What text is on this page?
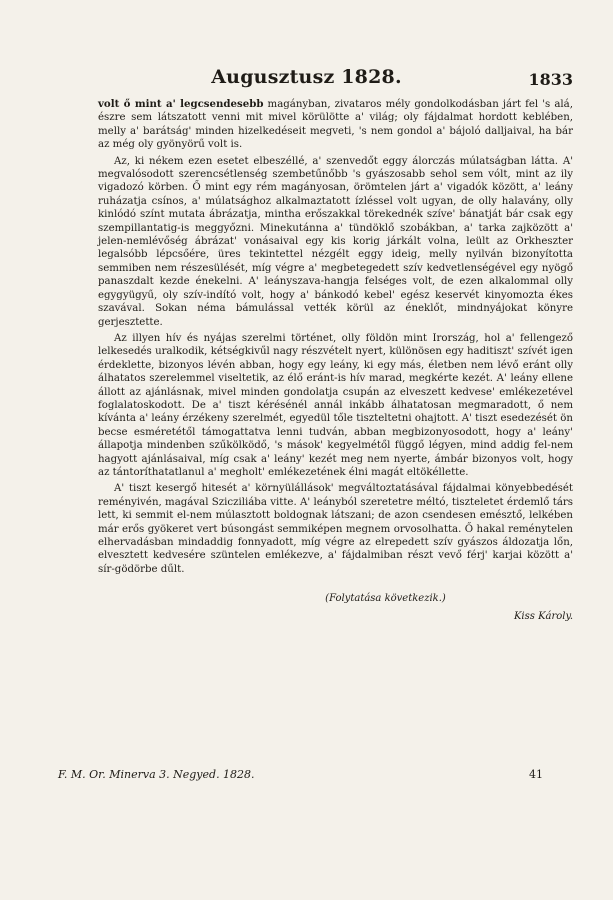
Augusztusz 1828.	1833

volt ő mint a' legcsendesebb magányban, zivataros mély gondolkodásban járt fel 's alá, észre sem látszatott venni mit mivel körülötte a' világ; oly fájdalmat hordott keblében, melly a' barátság' minden hizelkedéseit megveti, 's nem gondol a' bájoló dalljaival, ha bár az még oly gyönyörű volt is.

Az, ki nékem ezen esetet elbeszéllé, a' szenvedőt eggy álorczás múlatságban látta. A' megvalósodott szerencsétlenség szembetűnőbb 's gyászosabb sehol sem vólt, mint az ily vigadozó körben. Ő mint egy rém magányosan, örömtelen járt a' vigadók között, a' leány ruházatja csínos, a' múlatsághoz alkalmaztatott ízléssel volt ugyan, de olly halavány, olly kinlódó színt mutata ábrázatja, mintha erőszakkal törekednék szíve' bánatját bár csak egy szempillantatig-is meggyőzni. Minekutánna a' tündöklő szobákban, a' tarka zajközött a' jelen-nemlévőség ábrázat' vonásaival egy kis korig járkált volna, leült az Orkheszter legalsóbb lépcsőére, üres tekintettel nézgélt eggy ideig, melly nyilván bizonyította semmiben nem részesülését, míg végre a' megbetegedett szív kedvetlenségével egy nyögő panaszdalt kezde énekelni. A' leányszava-hangja felséges volt, de ezen alkalommal olly egygyügyű, oly szív-indító volt, hogy a' bánkodó kebel' egész keservét kinyomozta ékes szavával. Sokan néma bámulással vették körül az éneklőt, mindnyájokat könyre gerjesztette.

Az illyen hív és nyájas szerelmi történet, olly földön mint Irország, hol a' fellengező lelkesedés uralkodik, kétségkivűl nagy részvételt nyert, különösen egy haditiszt' szívét igen érdeklette, bizonyos lévén abban, hogy egy leány, ki egy más, életben nem lévő eránt olly álhatatos szerelemmel viseltetik, az élő eránt-is hív marad, megkérte kezét. A' leány ellene állott az ajánlásnak, mivel minden gondolatja csupán az elveszett kedvese' emlékezetével foglalatoskodott. De a' tiszt kérésénél annál inkább álhatatosan megmaradott, ő nem kívánta a' leány érzékeny szerelmét, egyedül tőle tiszteltetni ohajtott. A' tiszt esedezését ön becse esméretétől támogattatva lenni tudván, abban megbizonyosodott, hogy a' leány' állapotja mindenben szűkölködő, 's mások' kegyelmétől függő légyen, mind addig fel-nem hagyott ajánlásaival, míg csak a' leány' kezét meg nem nyerte, ámbár bizonyos volt, hogy az tántoríthatatlanul a' megholt' emlékezetének élni magát eltökéllette.

A' tiszt kesergő hitesét a' környülállások' megváltoztatásával fájdalmai könyebbedését reményivén, magával Szicziliába vitte. A' leányból szeretetre méltó, tiszteletet érdemlő társ lett, ki semmit el-nem múlasztott boldognak látszani; de azon csendesen emésztő, lelkében már erős gyökeret vert búsongást semmiképen megnem orvosolhatta. Ő hakal reménytelen elhervadásban mindaddig fonnyadott, míg végre az elrepedett szív gyászos áldozatja lőn, elvesztett kedvesére szüntelen emlékezve, a' fájdalmiban részt vevő férj' karjai között a' sír-gödörbe dűlt.

(Folytatása következik.)
Kiss Károly.
F. M. Or. Minerva 3. Negyed. 1828.	41
